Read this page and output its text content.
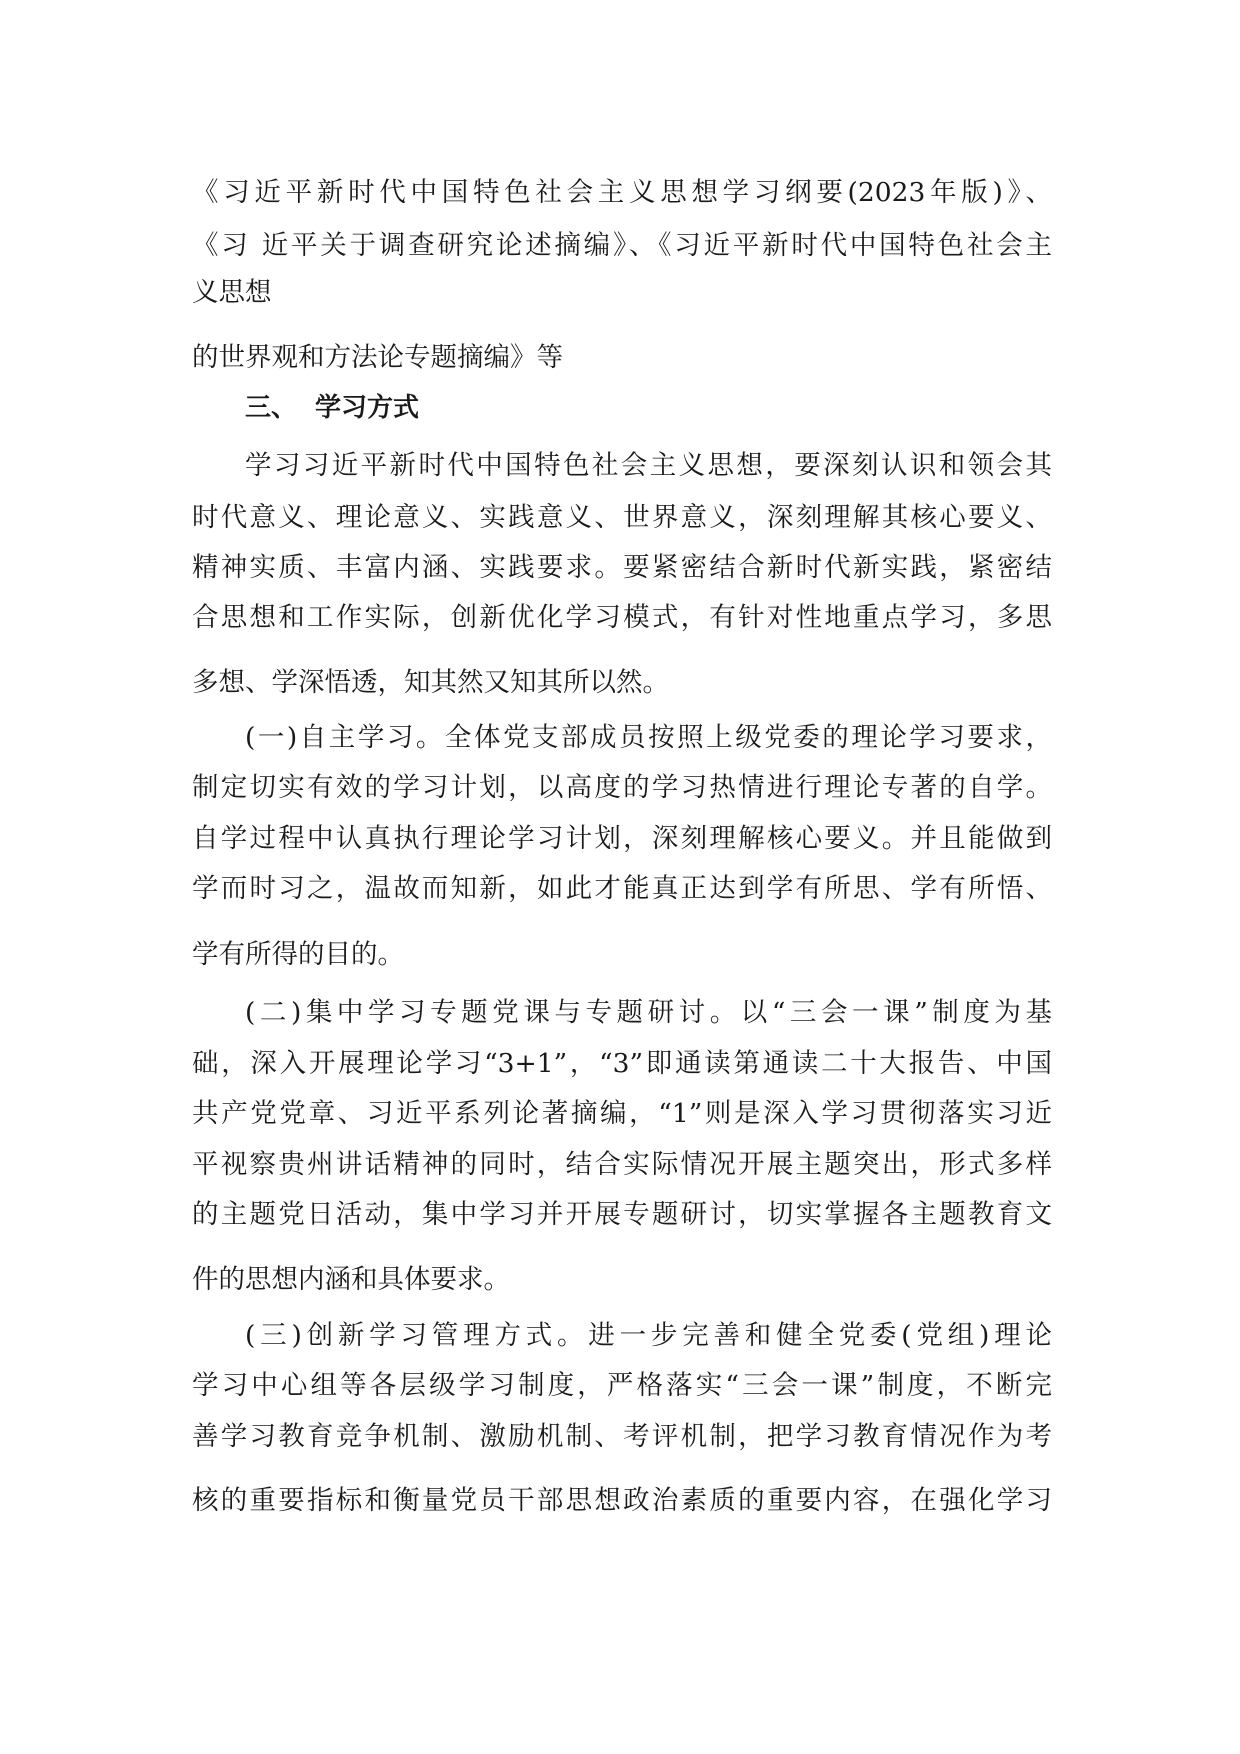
《习近平新时代中国特色社会主义思想学习纲要(2023年版)》、
《习 近平关于调查研究论述摘编》、《习近平新时代中国特色社会主
义思想
的世界观和方法论专题摘编》等
三、 学习方式
学习习近平新时代中国特色社会主义思想，要深刻认识和领会其
时代意义、理论意义、实践意义、世界意义，深刻理解其核心要义、
精神实质、丰富内涵、实践要求。要紧密结合新时代新实践，紧密结
合思想和工作实际，创新优化学习模式，有针对性地重点学习，多思
多想、学深悟透，知其然又知其所以然。
(一)自主学习。全体党支部成员按照上级党委的理论学习要求，
制定切实有效的学习计划，以高度的学习热情进行理论专著的自学。
自学过程中认真执行理论学习计划，深刻理解核心要义。并且能做到
学而时习之，温故而知新，如此才能真正达到学有所思、学有所悟、
学有所得的目的。
(二)集中学习专题党课与专题研讨。以“三会一课”制度为基
础，深入开展理论学习“3+1”，“3”即通读第通读二十大报告、中国
共产党党章、习近平系列论著摘编，“1”则是深入学习贯彻落实习近
平视察贵州讲话精神的同时，结合实际情况开展主题突出，形式多样
的主题党日活动，集中学习并开展专题研讨，切实掌握各主题教育文
件的思想内涵和具体要求。
(三)创新学习管理方式。进一步完善和健全党委(党组)理论
学习中心组等各层级学习制度，严格落实“三会一课”制度，不断完
善学习教育竞争机制、激励机制、考评机制，把学习教育情况作为考
核的重要指标和衡量党员干部思想政治素质的重要内容，在强化学习
